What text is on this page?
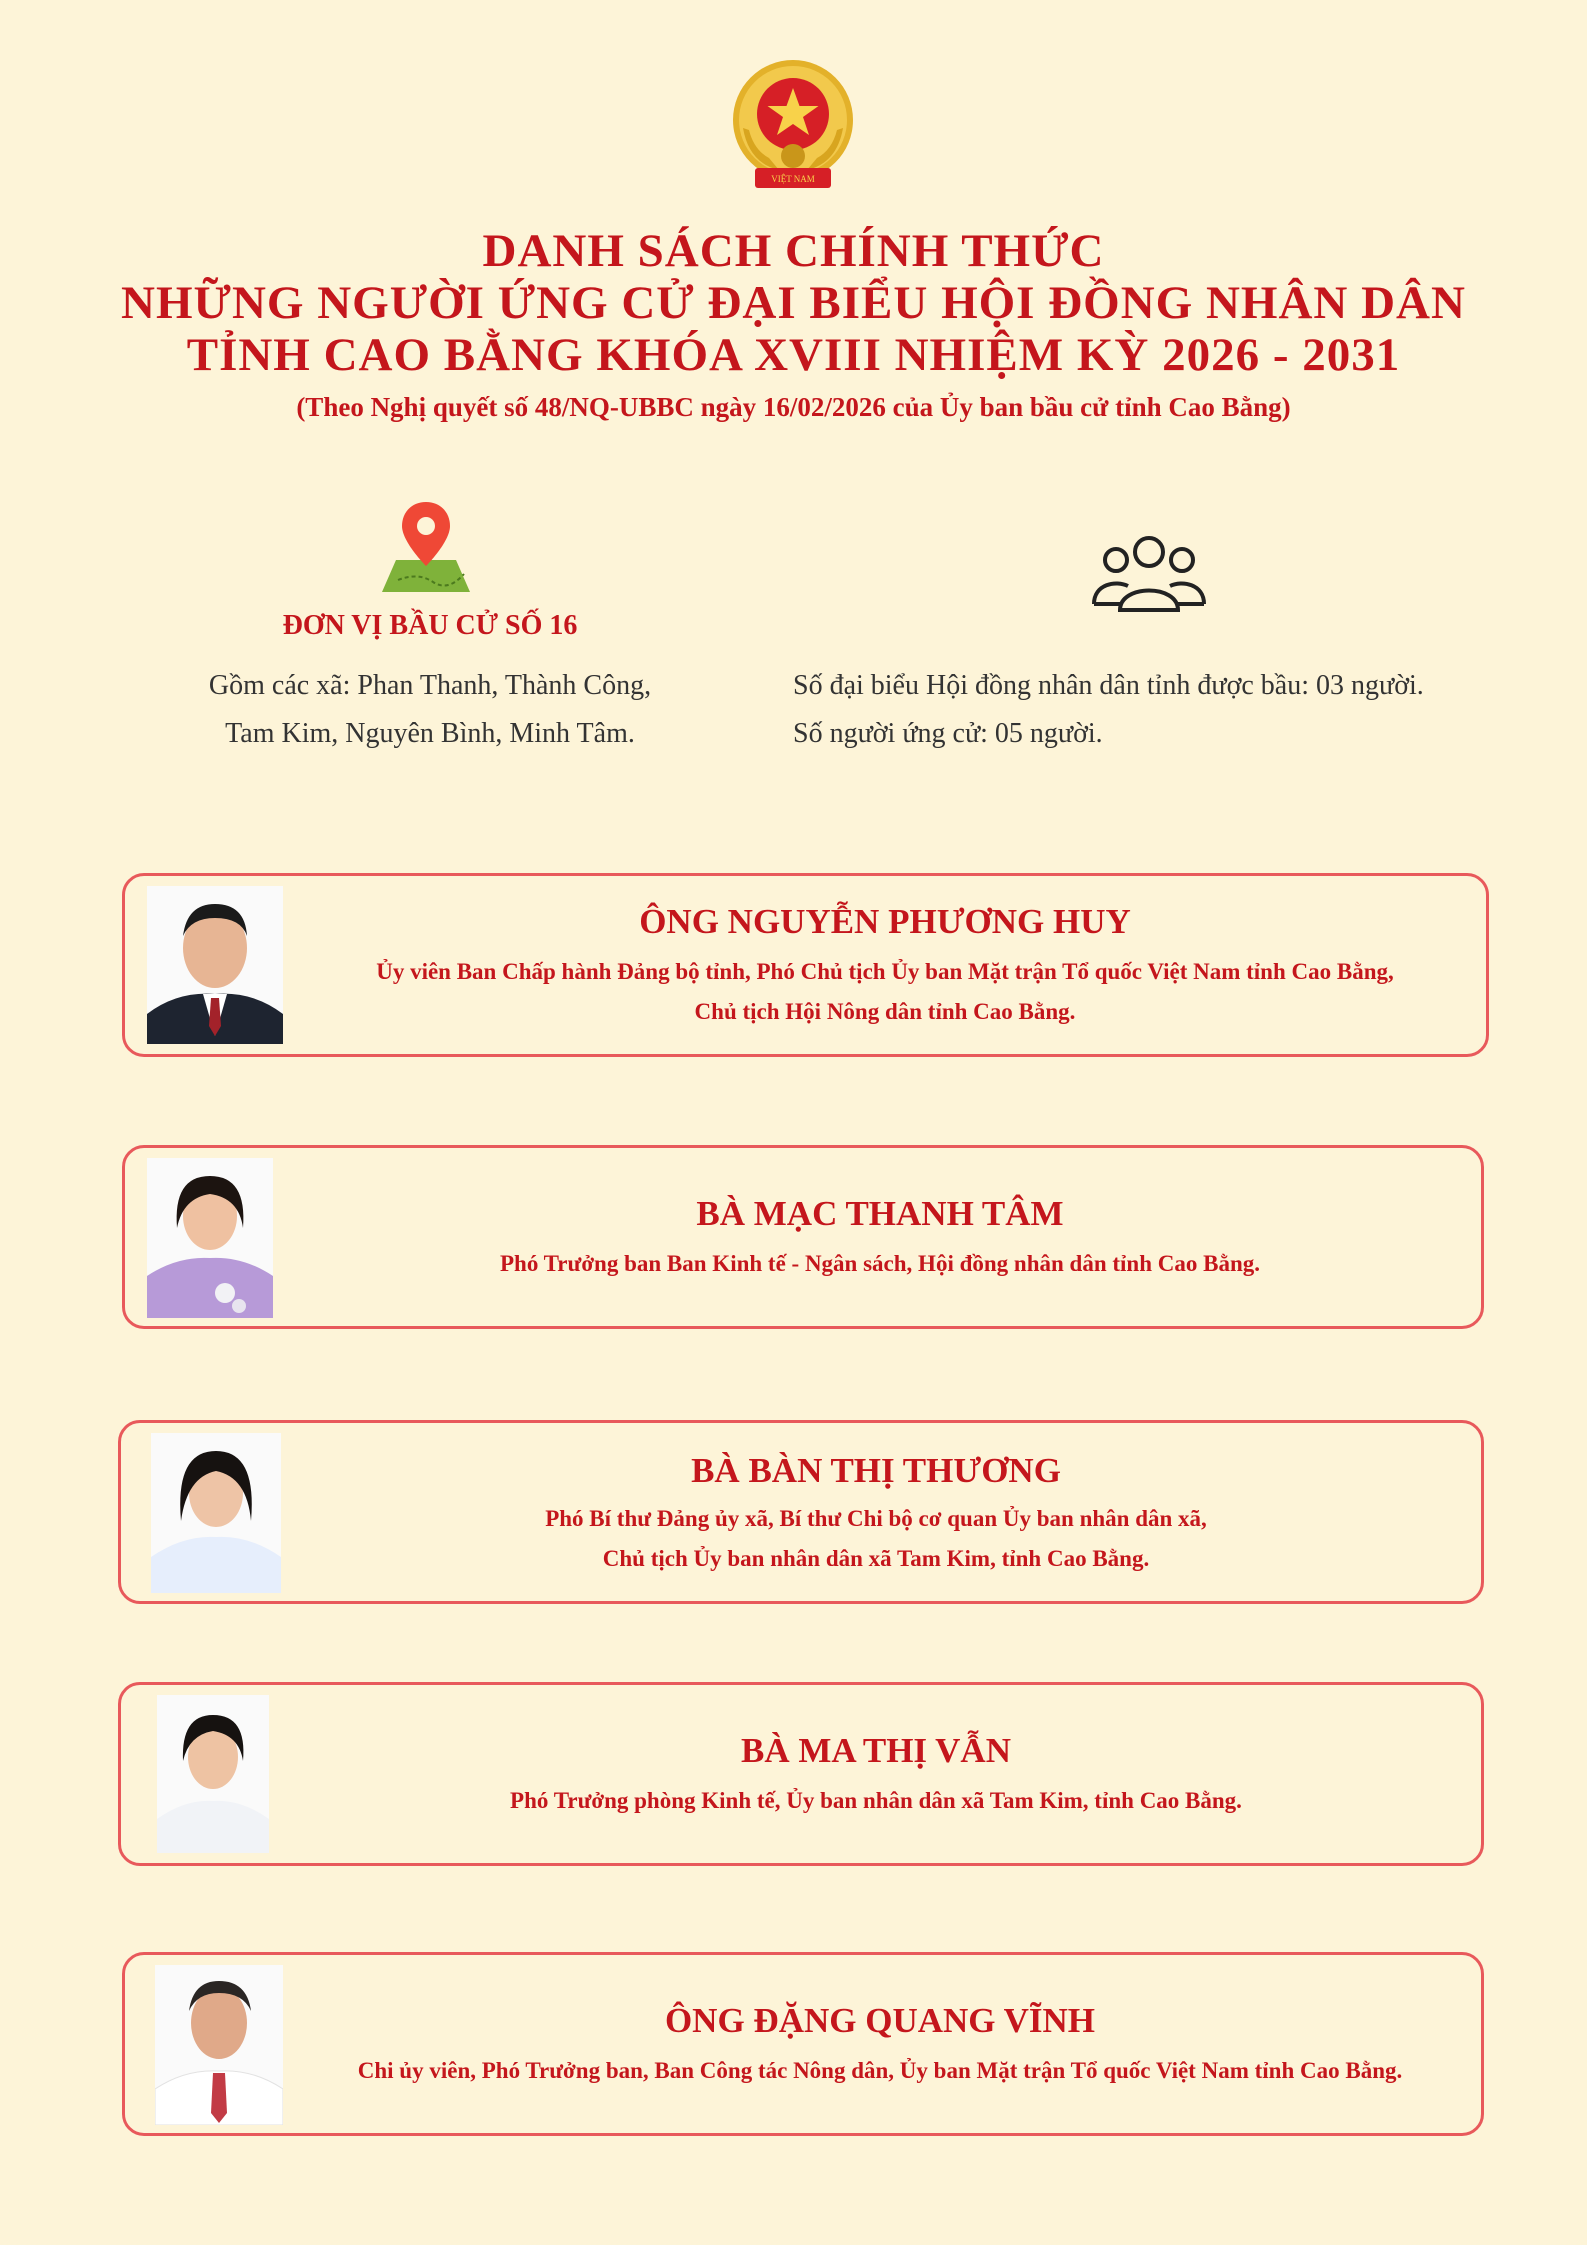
VIỆT NAM
DANH SÁCH CHÍNH THỨC
NHỮNG NGƯỜI ỨNG CỬ ĐẠI BIỂU HỘI ĐỒNG NHÂN DÂN
TỈNH CAO BẰNG KHÓA XVIII NHIỆM KỲ 2026 - 2031
(Theo Nghị quyết số 48/NQ-UBBC ngày 16/02/2026 của Ủy ban bầu cử tỉnh Cao Bằng)
ĐƠN VỊ BẦU CỬ SỐ 16
Gồm các xã: Phan Thanh, Thành Công,
Tam Kim, Nguyên Bình, Minh Tâm.
Số đại biểu Hội đồng nhân dân tỉnh được bầu: 03 người.
Số người ứng cử: 05 người.
ÔNG NGUYỄN PHƯƠNG HUY
Ủy viên Ban Chấp hành Đảng bộ tỉnh, Phó Chủ tịch Ủy ban Mặt trận Tổ quốc Việt Nam tỉnh Cao Bằng,
Chủ tịch Hội Nông dân tỉnh Cao Bằng.
BÀ MẠC THANH TÂM
Phó Trưởng ban Ban Kinh tế - Ngân sách, Hội đồng nhân dân tỉnh Cao Bằng.
BÀ BÀN THỊ THƯƠNG
Phó Bí thư Đảng ủy xã, Bí thư Chi bộ cơ quan Ủy ban nhân dân xã,
Chủ tịch Ủy ban nhân dân xã Tam Kim, tỉnh Cao Bằng.
BÀ MA THỊ VẪN
Phó Trưởng phòng Kinh tế, Ủy ban nhân dân xã Tam Kim, tỉnh Cao Bằng.
ÔNG ĐẶNG QUANG VĨNH
Chi ủy viên, Phó Trưởng ban, Ban Công tác Nông dân, Ủy ban Mặt trận Tổ quốc Việt Nam tỉnh Cao Bằng.
